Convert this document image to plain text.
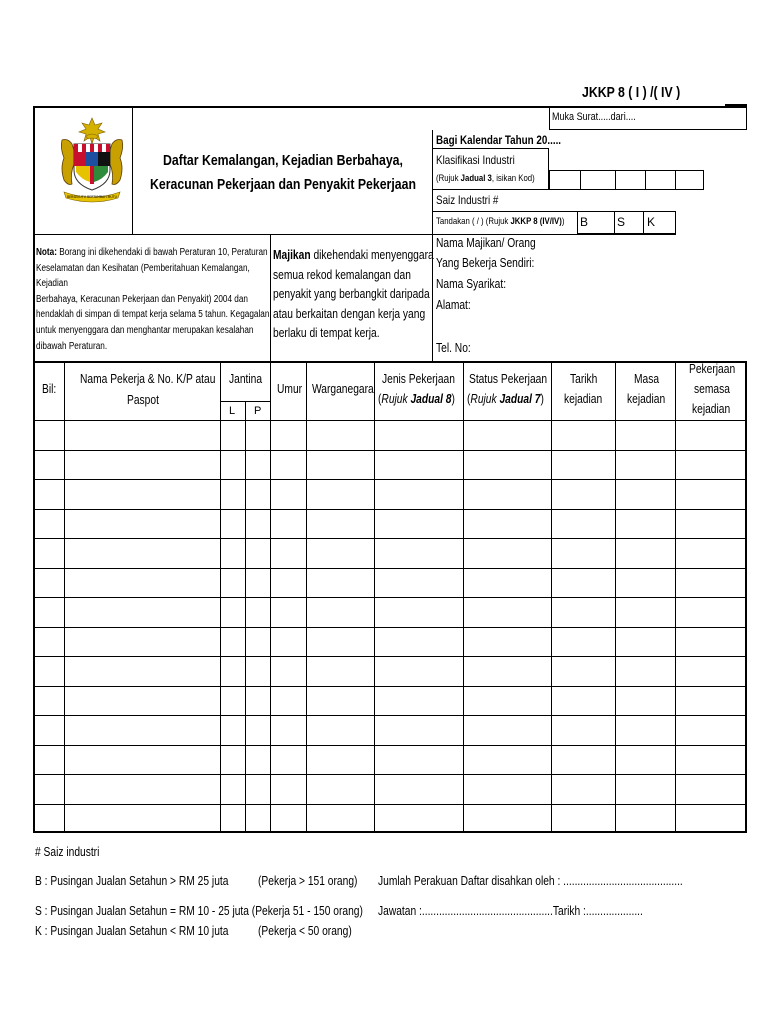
JKKP 8 ( I ) /( IV )
Muka Surat.....dari....
BERSEKUTU BERTAMBAH MUTU
Daftar Kemalangan, Kejadian Berbahaya,
Keracunan Pekerjaan dan Penyakit Pekerjaan
Bagi Kalendar Tahun 20.....
Klasifikasi Industri
(Rujuk Jadual 3, isikan Kod)
Saiz Industri #
Tandakan ( / ) (Rujuk JKKP 8 (IV/IV)) B S K
Nota: Borang ini dikehendaki di bawah Peraturan 10, Peraturan
Keselamatan dan Kesihatan (Pemberitahuan Kemalangan, Kejadian
Berbahaya, Keracunan Pekerjaan dan Penyakit) 2004 dan
hendaklah di simpan di tempat kerja selama 5 tahun. Kegagalan
untuk menyenggara dan menghantar merupakan kesalahan
dibawah Peraturan.
Majikan dikehendaki menyenggara
semua rekod kemalangan dan
penyakit yang berbangkit daripada
atau berkaitan dengan kerja yang
berlaku di tempat kerja.
Nama Majikan/ Orang
Yang Bekerja Sendiri:
Nama Syarikat:
Alamat:
Tel. No:
Bil:
Nama Pekerja & No. K/P atau
Paspot
Jantina
L P
Umur Warganegara
Jenis Pekerjaan
(Rujuk Jadual 8)
Status Pekerjaan
(Rujuk Jadual 7)
Tarikh
kejadian
Masa
kejadian
Pekerjaan
semasa
kejadian
# Saiz industri
B : Pusingan Jualan Setahun > RM 25 juta (Pekerja > 151 orang)
S : Pusingan Jualan Setahun = RM 10 - 25 juta (Pekerja 51 - 150 orang)
K : Pusingan Jualan Setahun < RM 10 juta (Pekerja < 50 orang)
Jumlah Perakuan Daftar disahkan oleh : ..........................................
Jawatan :..............................................Tarikh :....................
